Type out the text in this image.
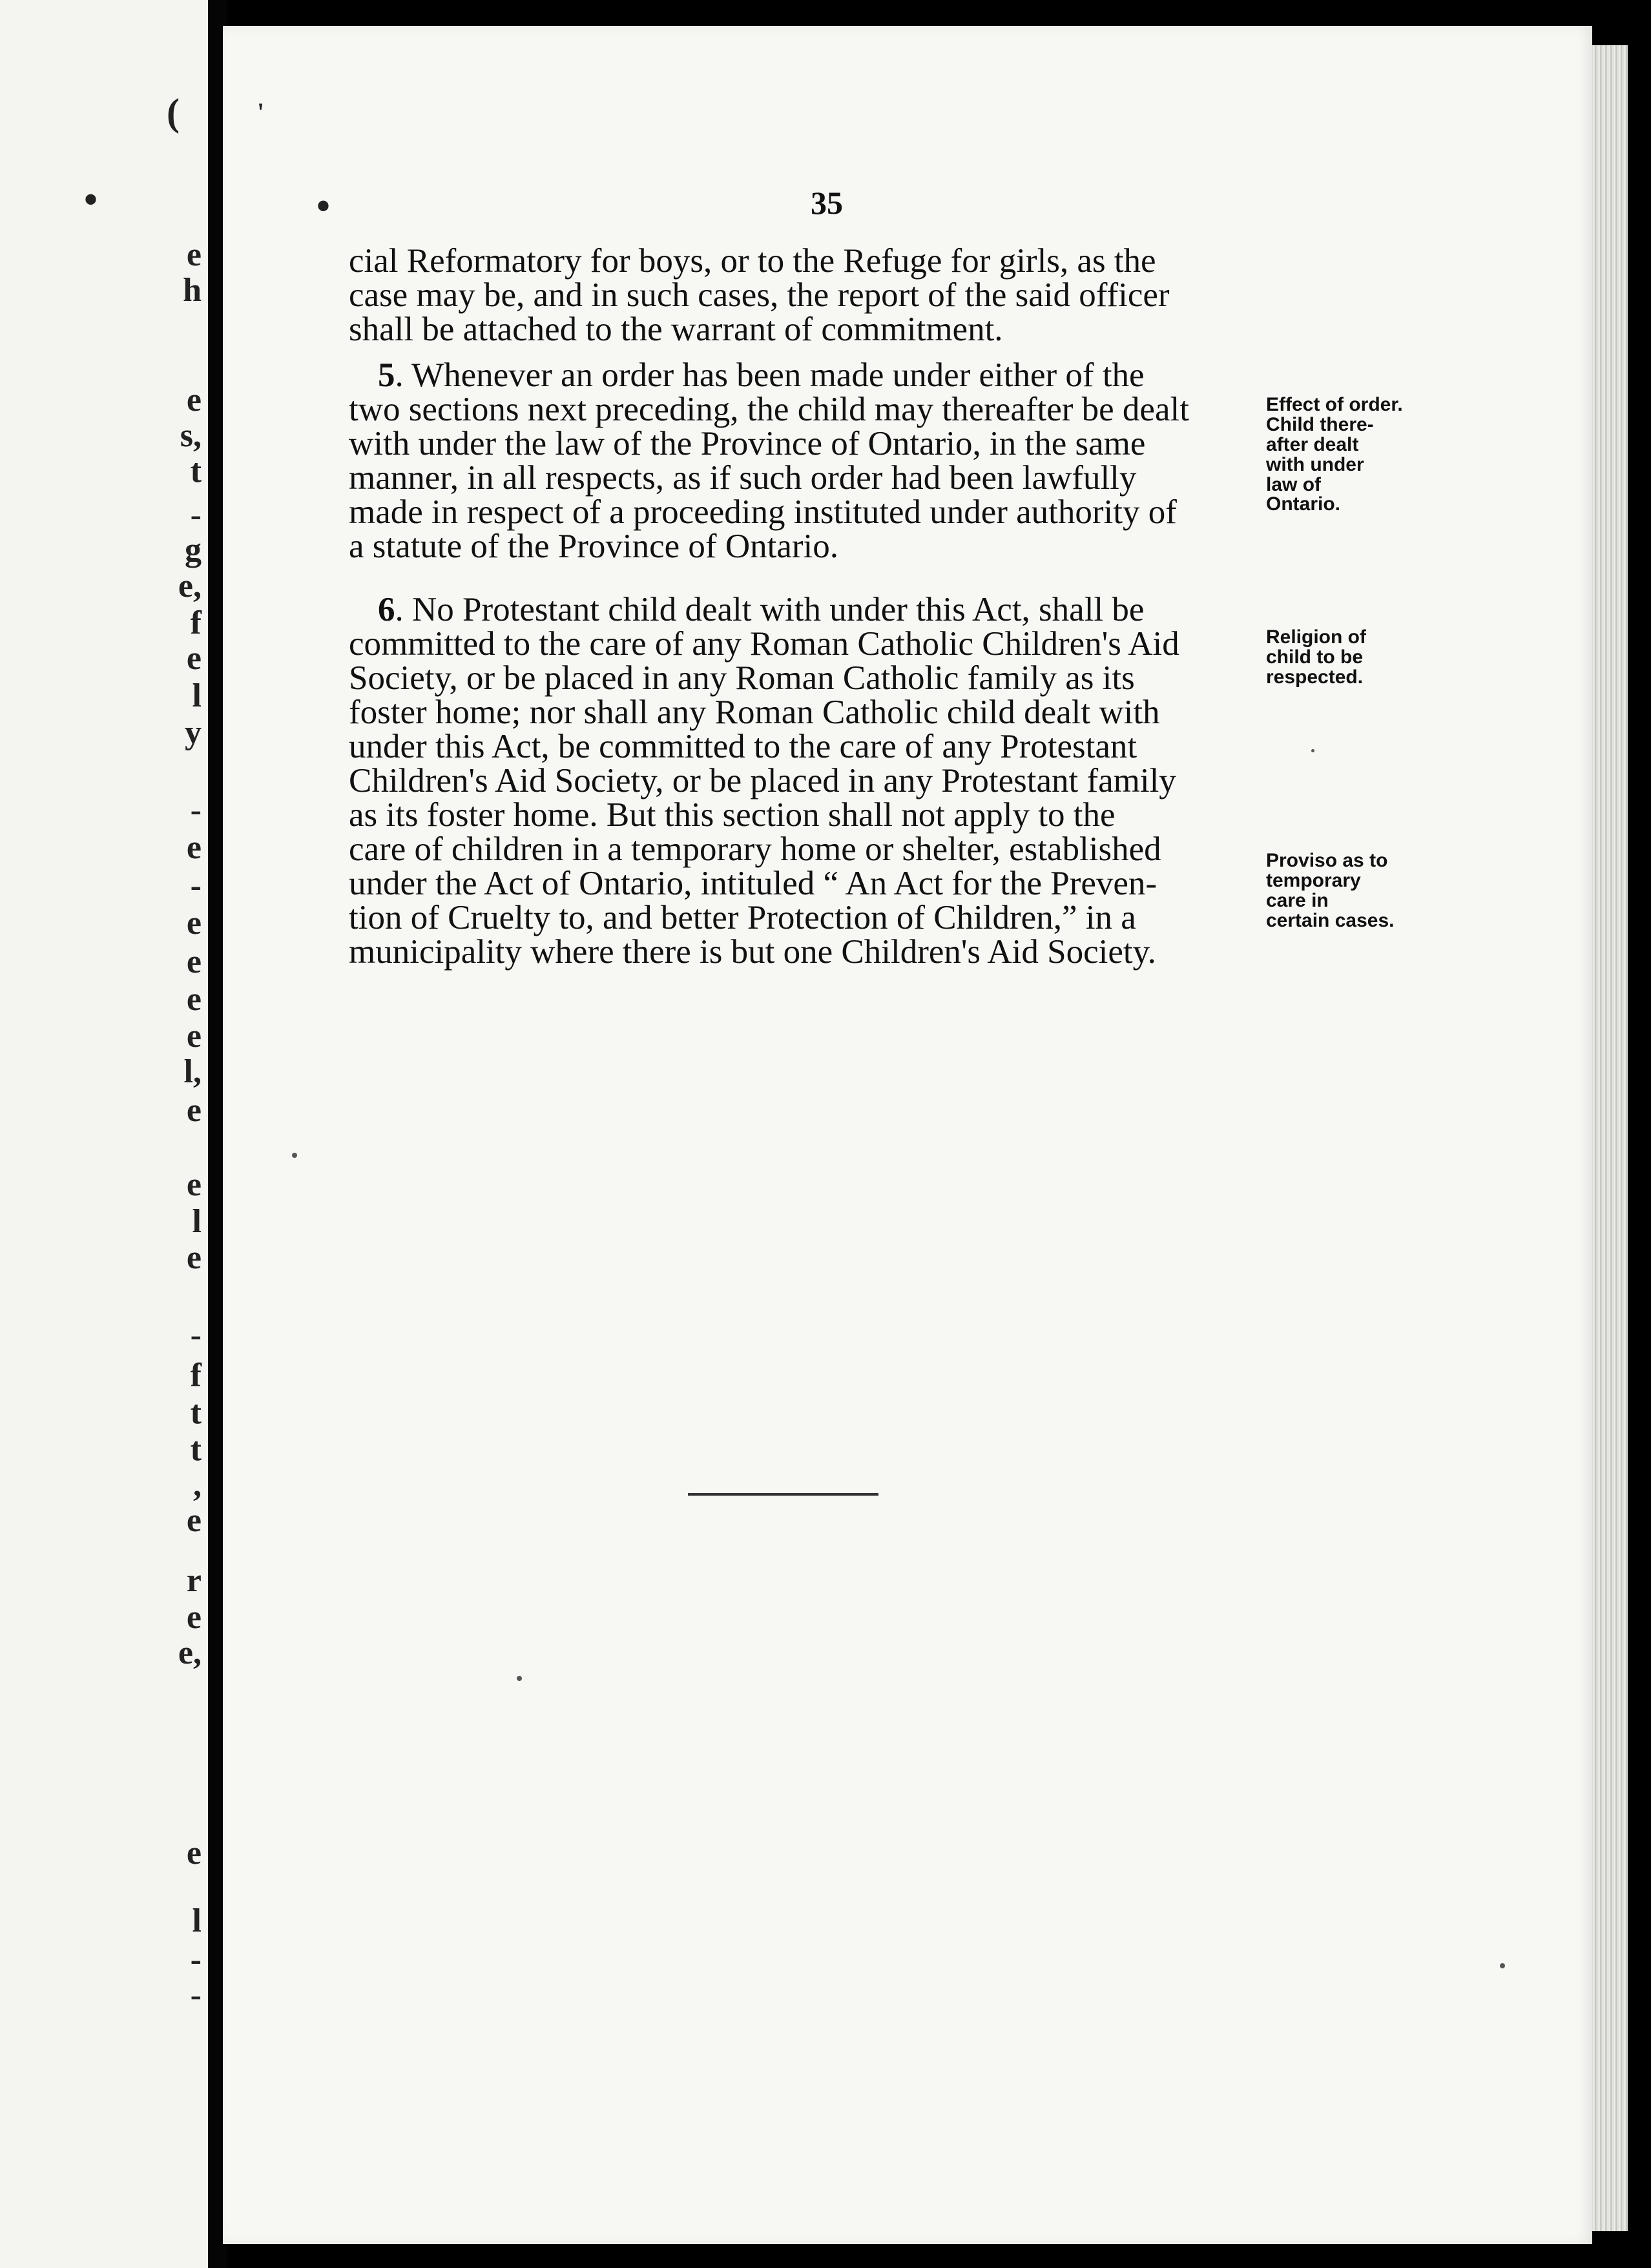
e
h
e
s,
t
-
g
e,
f
e
l
y
-
e
-
e
e
e
e
l,
e
e
l
e
-
f
t
t
,
e
r
e
e,
e
l
-
-
(	'
•	•	35
cial Reformatory for boys, or to the Refuge for girls, as the
case may be, and in such cases, the report of the said officer
shall be attached to the warrant of commitment.
5. Whenever an order has been made under either of the
two sections next preceding, the child may thereafter be dealt
with under the law of the Province of Ontario, in the same
manner, in all respects, as if such order had been lawfully
made in respect of a proceeding instituted under authority of
a statute of the Province of Ontario.
6. No Protestant child dealt with under this Act, shall be
committed to the care of any Roman Catholic Children's Aid
Society, or be placed in any Roman Catholic family as its
foster home; nor shall any Roman Catholic child dealt with
under this Act, be committed to the care of any Protestant
Children's Aid Society, or be placed in any Protestant family
as its foster home. But this section shall not apply to the
care of children in a temporary home or shelter, established
under the Act of Ontario, intituled “ An Act for the Preven-
tion of Cruelty to, and better Protection of Children,” in a
municipality where there is but one Children's Aid Society.
Effect of order.
Child there-
after dealt
with under
law of
Ontario.
Religion of
child to be
respected.
Proviso as to
temporary
care in
certain cases.
